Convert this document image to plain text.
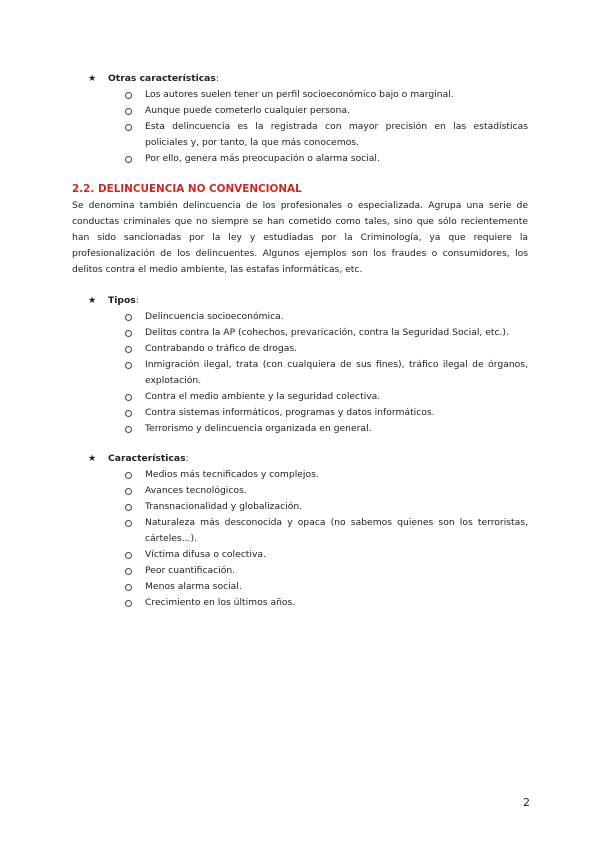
★	Otras características:
Los autores suelen tener un perfil socioeconómico bajo o marginal.
Aunque puede cometerlo cualquier persona.
Esta delincuencia es la registrada con mayor precisión en las estadísticas policiales y, por tanto, la que más conocemos.
Por ello, genera más preocupación o alarma social.
2.2. DELINCUENCIA NO CONVENCIONAL
Se denomina también delincuencia de los profesionales o especializada. Agrupa una serie de conductas criminales que no siempre se han cometido como tales, sino que sólo recientemente han sido sancionadas por la ley y estudiadas por la Criminología, ya que requiere la profesionalización de los delincuentes. Algunos ejemplos son los fraudes o consumidores, los delitos contra el medio ambiente, las estafas informáticas, etc.
★	Tipos:
Delincuencia socioeconómica.
Delitos contra la AP (cohechos, prevaricación, contra la Seguridad Social, etc.).
Contrabando o tráfico de drogas.
Inmigración ilegal, trata (con cualquiera de sus fines), tráfico ilegal de órganos, explotación.
Contra el medio ambiente y la seguridad colectiva.
Contra sistemas informáticos, programas y datos informáticos.
Terrorismo y delincuencia organizada en general.
★	Características:
Medios más tecnificados y complejos.
Avances tecnológicos.
Transnacionalidad y globalización.
Naturaleza más desconocida y opaca (no sabemos quienes son los terroristas, cárteles...).
Víctima difusa o colectiva.
Peor cuantificación.
Menos alarma social.
Crecimiento en los últimos años.
2
